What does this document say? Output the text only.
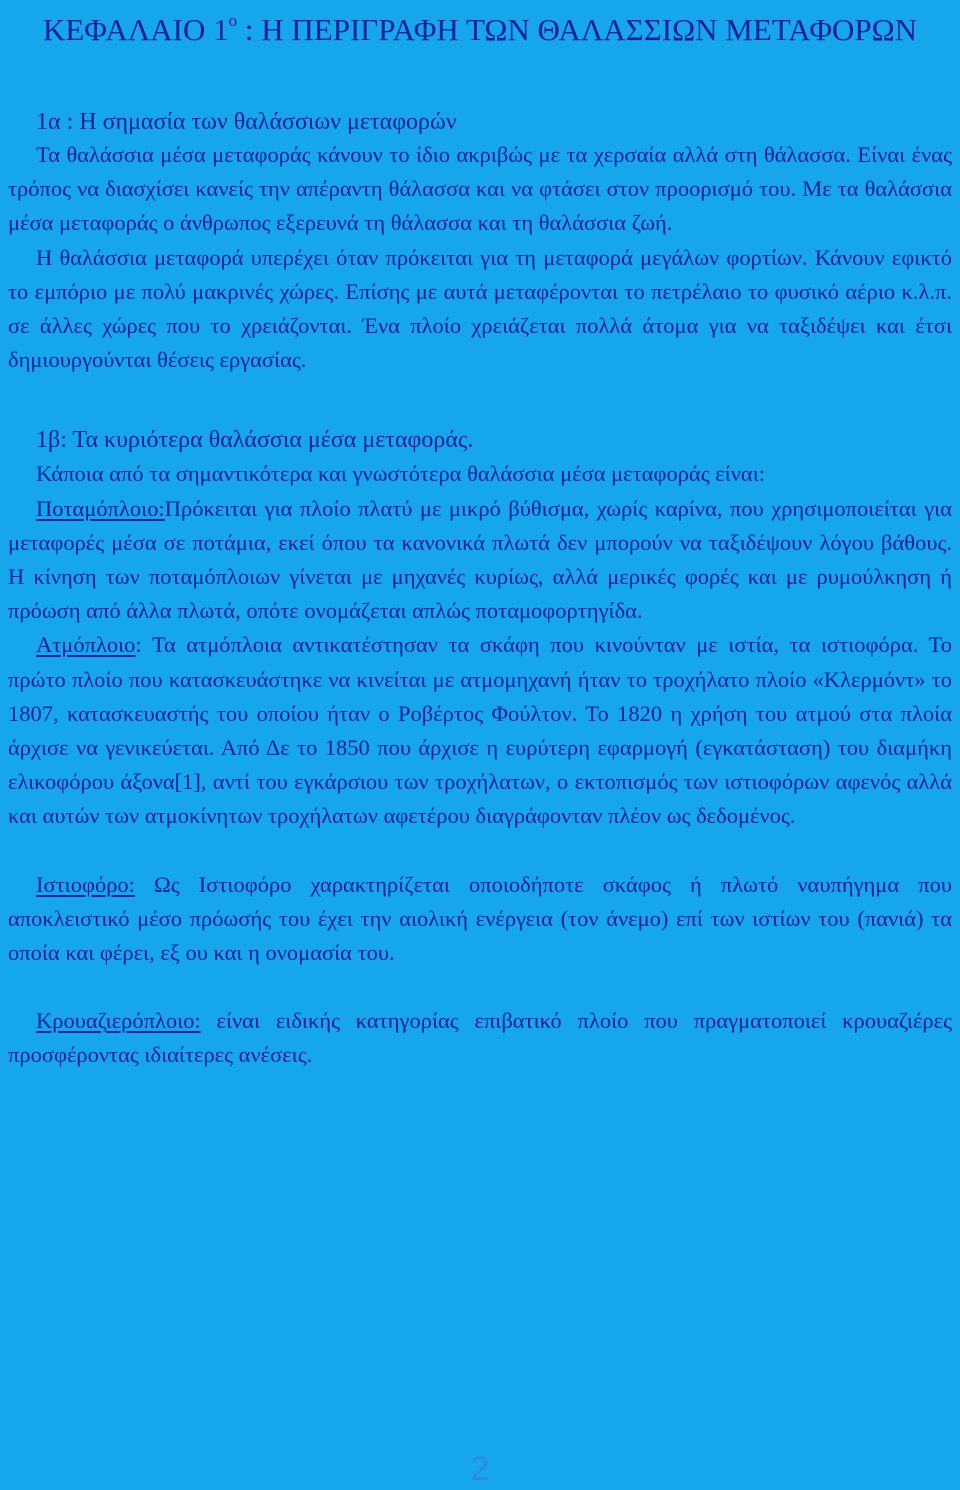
ΚΕΦΑΛΑΙΟ $1^o$ : Η ΠΕΡΙΓΡΑΦΗ ΤΩΝ ΘΑΛΑΣΣΙΩΝ ΜΕΤΑΦΟΡΩΝ
1α : Η σημασία των θαλάσσιων μεταφορών

Τα θαλάσσια μέσα μεταφοράς κάνουν το ίδιο ακριβώς με τα χερσαία αλλά στη θάλασσα. Είναι ένας τρόπος να διασχίσει κανείς την απέραντη θάλασσα και να φτάσει στον προορισμό του. Με τα θαλάσσια μέσα μεταφοράς ο άνθρωπος εξερευνά τη θάλασσα και τη θαλάσσια ζωή.

Η θαλάσσια μεταφορά υπερέχει όταν πρόκειται για τη μεταφορά μεγάλων φορτίων. Κάνουν εφικτό το εμπόριο με πολύ μακρινές χώρες. Επίσης με αυτά μεταφέρονται το πετρέλαιο το φυσικό αέριο κ.λ.π. σε άλλες χώρες που το χρειάζονται. Ένα πλοίο χρειάζεται πολλά άτομα για να ταξιδέψει και έτσι δημιουργούνται θέσεις εργασίας.

1β: Τα κυριότερα θαλάσσια μέσα μεταφοράς.

Κάποια από τα σημαντικότερα και γνωστότερα θαλάσσια μέσα μεταφοράς είναι:

Ποταμόπλοιο:Πρόκειται για πλοίο πλατύ με μικρό βύθισμα, χωρίς καρίνα, που χρησιμοποιείται για μεταφορές μέσα σε ποτάμια, εκεί όπου τα κανονικά πλωτά δεν μπορούν να ταξιδέψουν λόγου βάθους. Η κίνηση των ποταμόπλοιων γίνεται με μηχανές κυρίως, αλλά μερικές φορές και με ρυμούλκηση ή πρόωση από άλλα πλωτά, οπότε ονομάζεται απλώς ποταμοφορτηγίδα.

Ατμόπλοιο: Τα ατμόπλοια αντικατέστησαν τα σκάφη που κινούνταν με ιστία, τα ιστιοφόρα. Το πρώτο πλοίο που κατασκευάστηκε να κινείται με ατμομηχανή ήταν το τροχήλατο πλοίο «Κλερμόντ» το 1807, κατασκευαστής του οποίου ήταν ο Ροβέρτος Φούλτον. Το 1820 η χρήση του ατμού στα πλοία άρχισε να γενικεύεται. Από Δε το 1850 που άρχισε η ευρύτερη εφαρμογή (εγκατάσταση) του διαμήκη ελικοφόρου άξονα[1], αντί του εγκάρσιου των τροχήλατων, ο εκτοπισμός των ιστιοφόρων αφενός αλλά και αυτών των ατμοκίνητων τροχήλατων αφετέρου διαγράφονταν πλέον ως δεδομένος.

Ιστιοφόρο: Ως Ιστιοφόρο χαρακτηρίζεται οποιοδήποτε σκάφος ή πλωτό ναυπήγημα που αποκλειστικό μέσο πρόωσής του έχει την αιολική ενέργεια (τον άνεμο) επί των ιστίων του (πανιά) τα οποία και φέρει, εξ ου και η ονομασία του.

Κρουαζιερόπλοιο: είναι ειδικής κατηγορίας επιβατικό πλοίο που πραγματοποιεί κρουαζιέρες προσφέροντας ιδιαίτερες ανέσεις.

2
